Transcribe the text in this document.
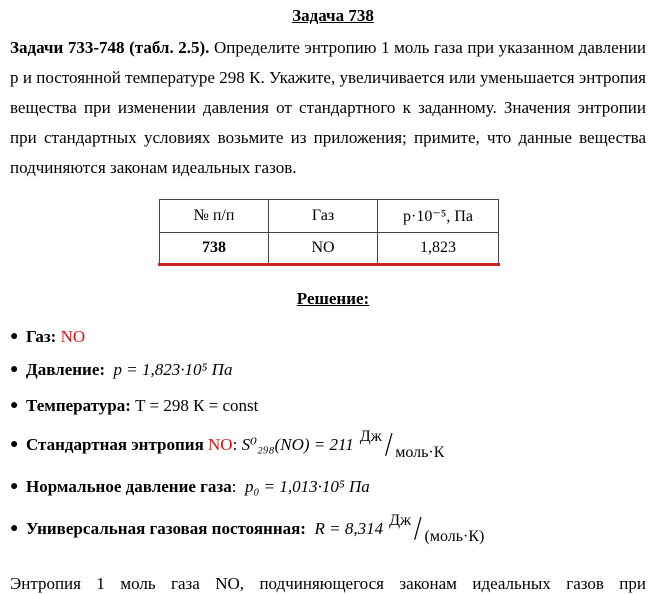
Задача 738

Задачи 733-748 (табл. 2.5). Определите энтропию 1 моль газа при указанном давлении p и постоянной температуре 298 К. Укажите, увеличивается или уменьшается энтропия вещества при изменении давления от стандартного к заданному. Значения энтропии при стандартных условиях возьмите из приложения; примите, что данные вещества подчиняются законам идеальных газов.

№ п/п	Газ	p·10⁻⁵, Па
738	NO	1,823
Решение:
● Газ:
NO
● Давление:
p = 1,823·10⁵ Па
● Температура:
T = 298 К = const
● Стандартная энтропия
NO : S⁰₂₉₈(NO) = 211 Дж / моль·К
● Нормальное давление газа : p₀ = 1,013·10⁵ Па
● Универсальная газовая постоянная:
R = 8,314 Дж / (моль·К)
Энтропия 1 моль газа NO, подчиняющегося законам идеальных газов при
